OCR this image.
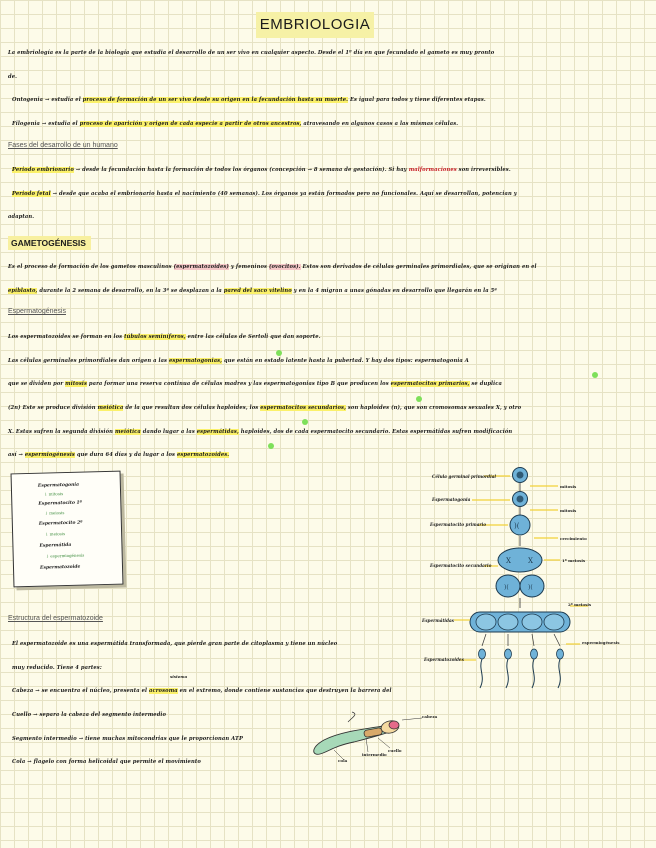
EMBRIOLOGIA
La embriología es la parte de la biología que estudia el desarrollo de un ser vivo en cualquier aspecto. Desde el 1º día en que fecundado el gameto es muy pronto
de.
Ontogenia → estudia el proceso de formación de un ser vivo desde su origen en la fecundación hasta su muerte. Es igual para todos y tiene diferentes etapas.
Filogenia → estudia el proceso de aparición y origen de cada especie a partir de otros ancestros, atravesando en algunos casos a las mismas células.
Fases del desarrollo de un humano
Periodo embrionario → desde la fecundación hasta la formación de todos los órganos (concepción → 8 semana de gestación). Si hay malformaciones son irreversibles.
Periodo fetal → desde que acaba el embrionario hasta el nacimiento (40 semanas). Los órganos ya están formados pero no funcionales. Aquí se desarrollan, potencian y
adaptan.
GAMETOGÉNESIS
Es el proceso de formación de los gametos masculinos (espermatozoides) y femeninos (ovocitos). Estos son derivados de células germinales primordiales, que se originan en el
epiblasto, durante la 2 semana de desarrollo, en la 3ª se desplazan a la pared del saco vitelino y en la 4 migran a unas gónadas en desarrollo que llegarán en la 5ª
Espermatogénesis
Los espermatozoides se forman en los túbulos seminíferos, entre las células de Sertoli que dan soporte.
Las células germinales primordiales dan origen a las espermatogonias, que están en estado latente hasta la pubertad. Y hay dos tipos: espermatogonia A
que se dividen por mitosis para formar una reserva continua de células madres y las espermatogonias tipo B que producen los espermatocitos primarios, se duplica
(2n) Este se produce división meiótica de la que resultan dos células haploides, los espermatocitos secundarios, son haploides (n), que son cromosomas sexuales X, y otro
X. Estas sufren la segunda división meiótica dando lugar a las espermátidas, haploides, dos de cada espermatocito secundario. Estas espermátidas sufren modificación
así → espermiogénesis que dura 64 días y da lugar a los espermatozoides.
Espermatogonia
↓ mitosis
Espermatocito 1º
↓ meiosis
Espermatocito 2º
↓ meiosis
Espermátida
↓ espermiogénesis
Espermatozoide
)(
X X
)(	)(
Célula germinal primordial
Espermatogonia
Espermatocito primario
Espermatocito secundario
Espermátidas
Espermatozoides
mitosis
mitosis
crecimiento
1ª meiosis
2ª meiosis
espermiogénesis
Estructura del espermatozoide
El espermatozoide es una espermátida transformada, que pierde gran parte de citoplasma y tiene un núcleo
muy reducido. Tiene 4 partes:
sistema
Cabeza → se encuentra el núcleo, presenta el acrosoma en el extremo, donde contiene sustancias que destruyen la barrera del
Cuello → separa la cabeza del segmento intermedio
Segmento intermedio → tiene muchas mitocondrias que le proporcionan ATP
Cola → flagelo con forma helicoidal que permite el movimiento
cabeza
cuello
intermedio
cola
